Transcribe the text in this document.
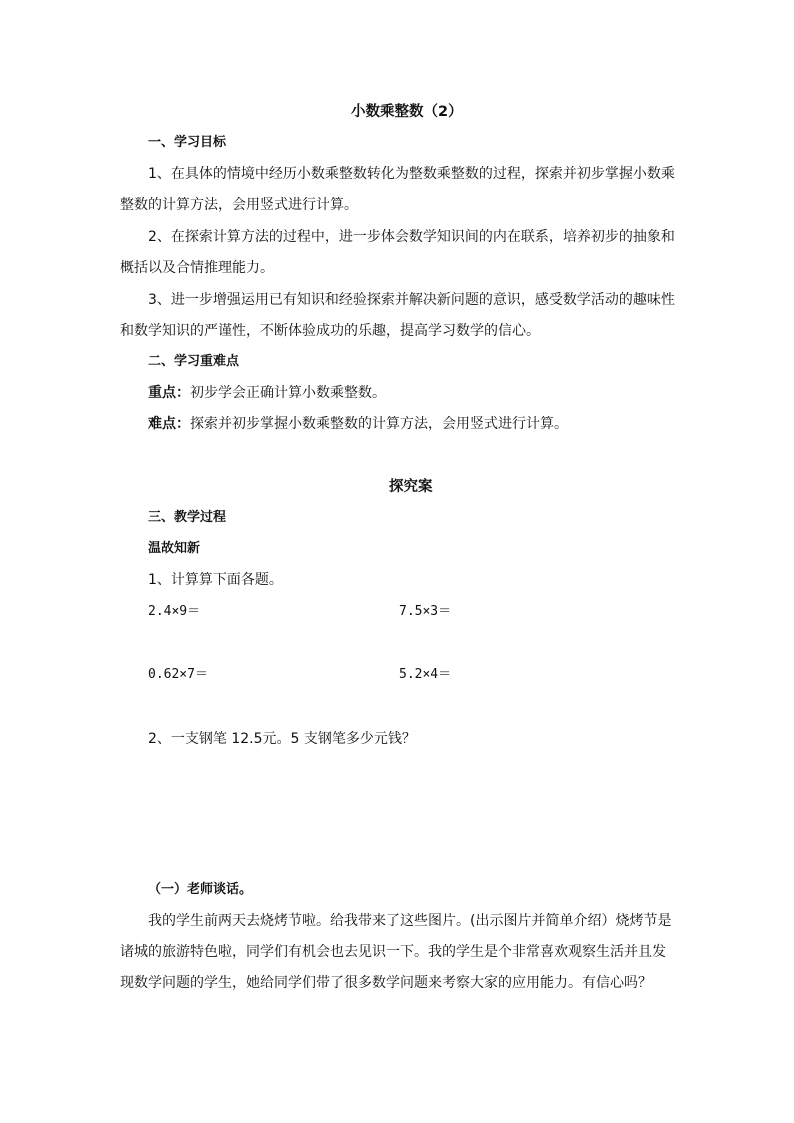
小数乘整数（2）
一、学习目标
1、在具体的情境中经历小数乘整数转化为整数乘整数的过程，探索并初步掌握小数乘
整数的计算方法，会用竖式进行计算。
2、在探索计算方法的过程中，进一步体会数学知识间的内在联系，培养初步的抽象和
概括以及合情推理能力。
3、进一步增强运用已有知识和经验探索并解决新问题的意识，感受数学活动的趣味性
和数学知识的严谨性，不断体验成功的乐趣，提高学习数学的信心。
二、学习重难点
重点：初步学会正确计算小数乘整数。
难点：探索并初步掌握小数乘整数的计算方法，会用竖式进行计算。
探究案
三、教学过程
温故知新
1、计算算下面各题。
2.4×9＝	7.5×3＝
0.62×7＝	5.2×4＝
2、一支钢笔 12.5元。5 支钢笔多少元钱？
（一）老师谈话。
我的学生前两天去烧烤节啦。给我带来了这些图片。(出示图片并简单介绍）烧烤节是
诸城的旅游特色啦，同学们有机会也去见识一下。我的学生是个非常喜欢观察生活并且发
现数学问题的学生，她给同学们带了很多数学问题来考察大家的应用能力。有信心吗？
